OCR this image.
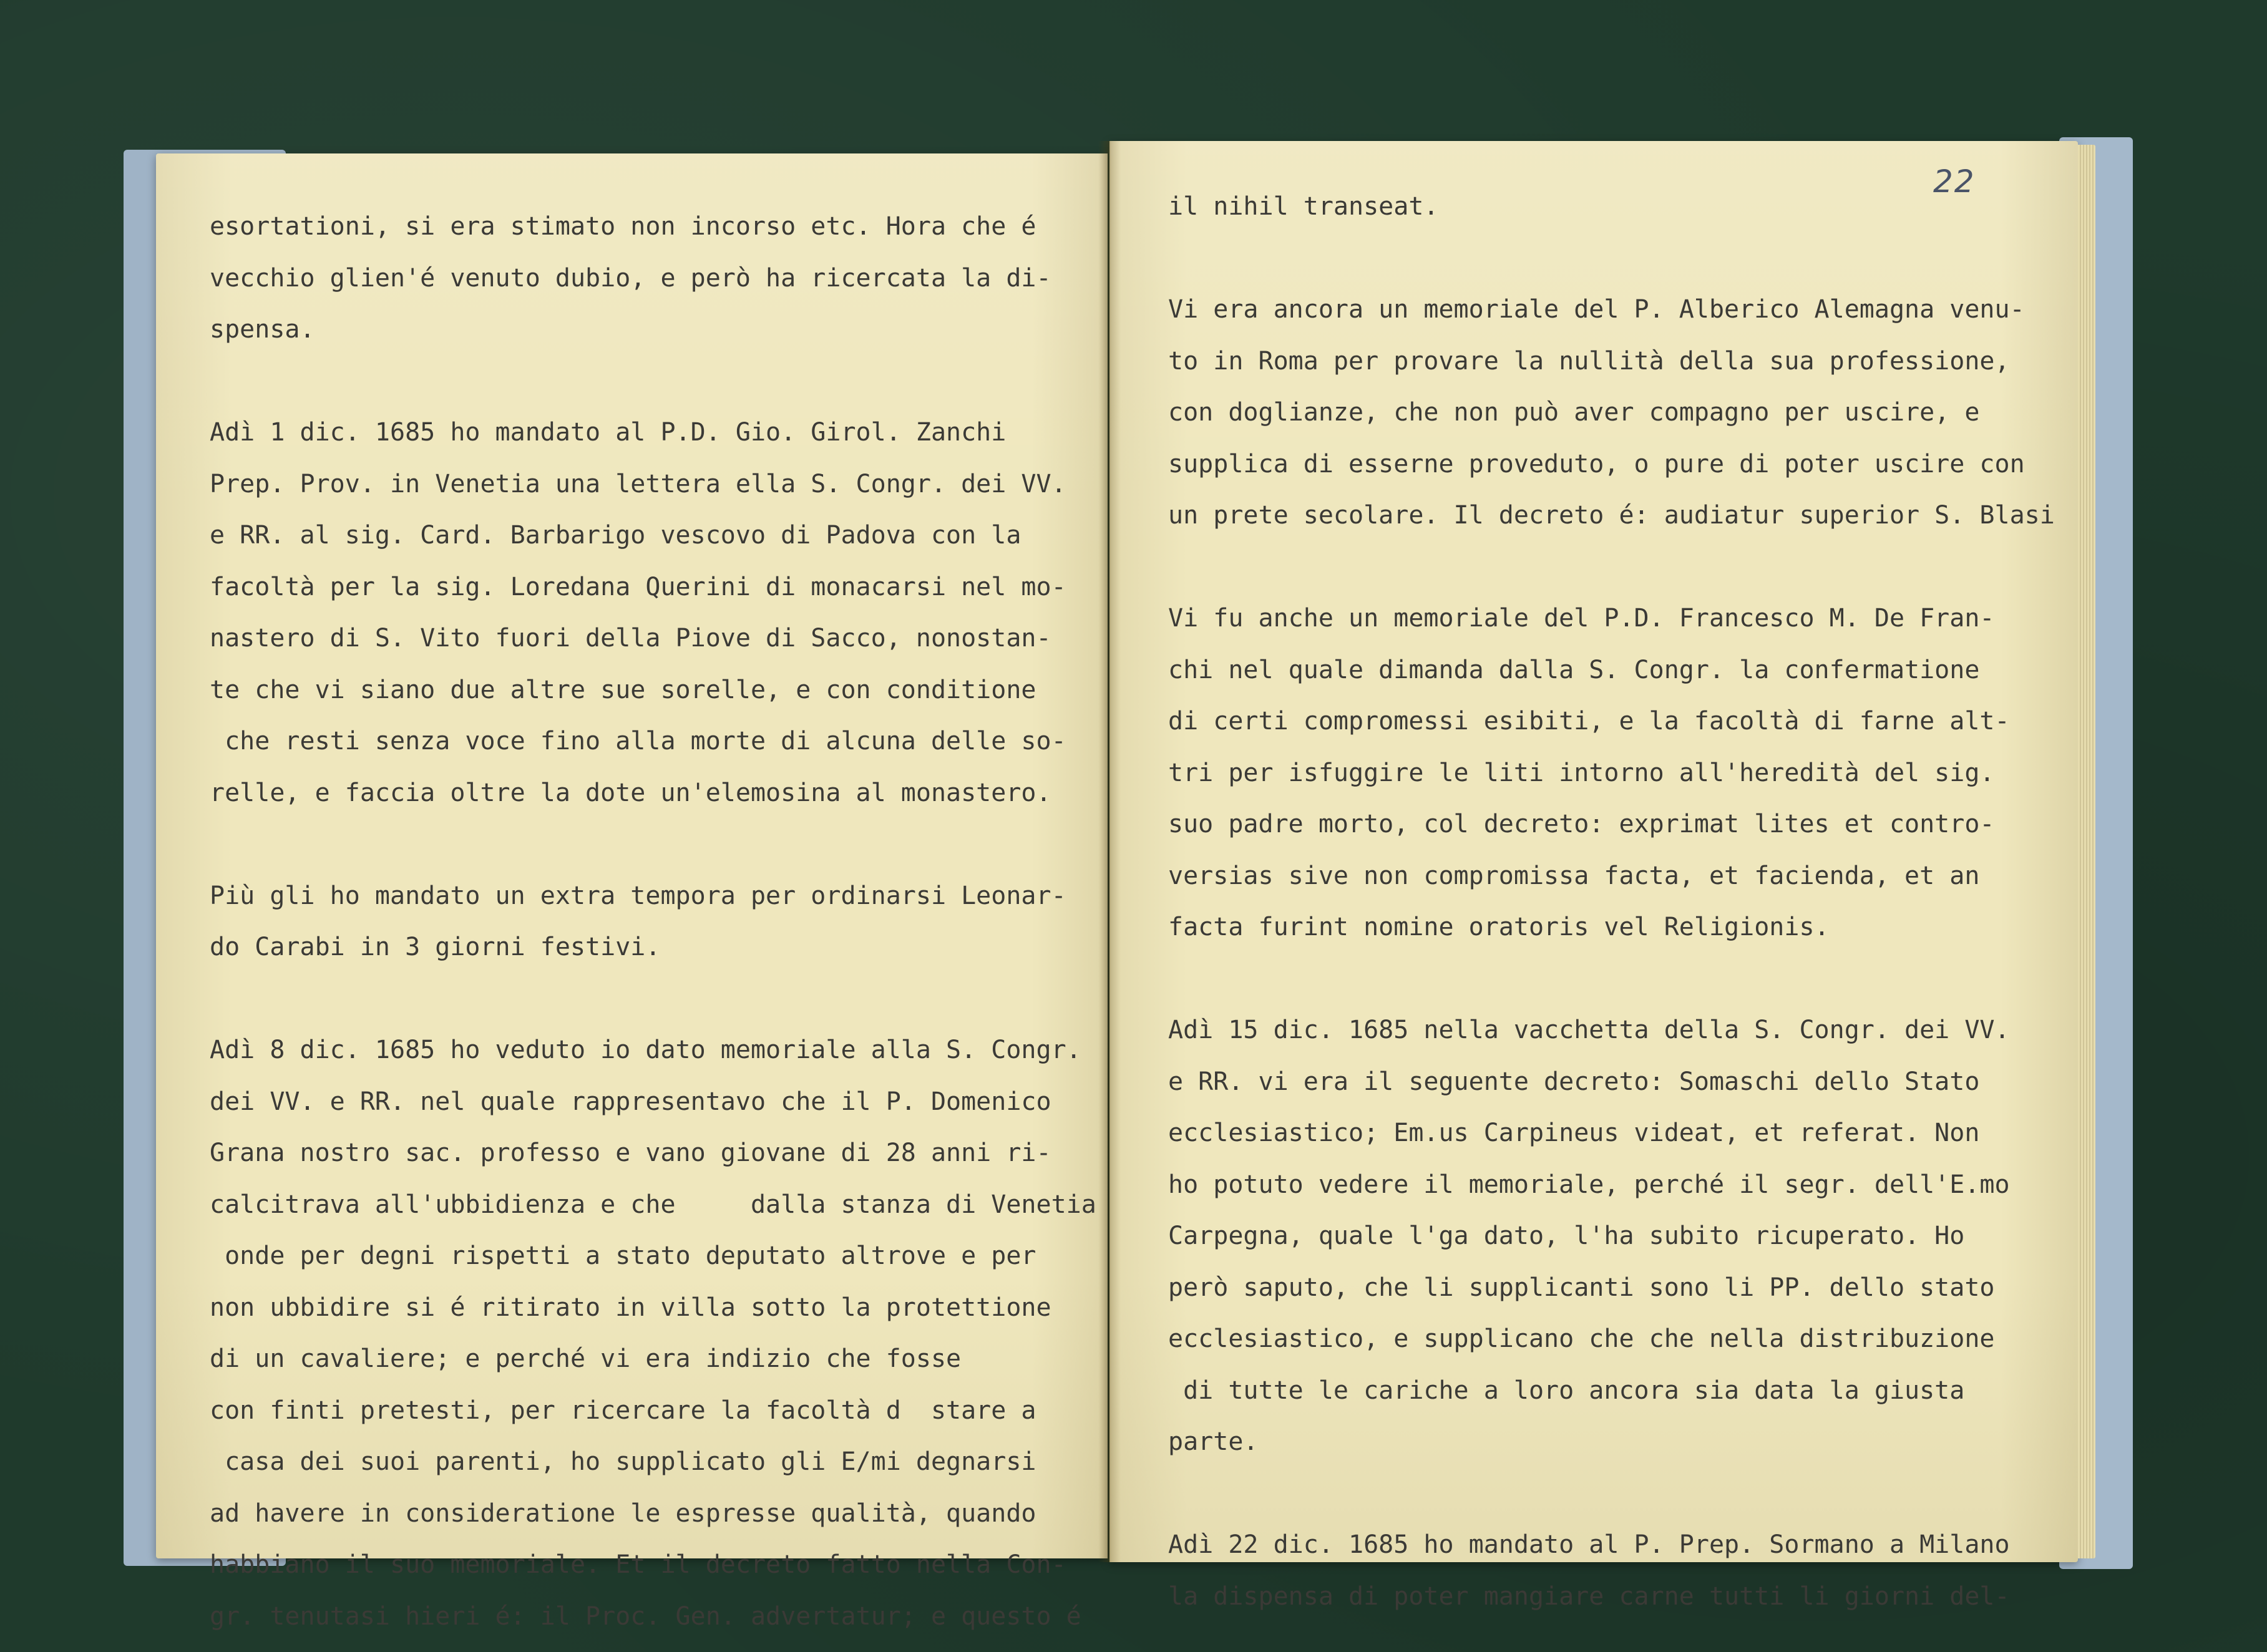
esortationi, si era stimato non incorso etc. Hora che é
vecchio glien'é venuto dubio, e però ha ricercata la di-
spensa.

Adì 1 dic. 1685 ho mandato al P.D. Gio. Girol. Zanchi
Prep. Prov. in Venetia una lettera ella S. Congr. dei VV.
e RR. al sig. Card. Barbarigo vescovo di Padova con la
facoltà per la sig. Loredana Querini di monacarsi nel mo-
nastero di S. Vito fuori della Piove di Sacco, nonostan-
te che vi siano due altre sue sorelle, e con conditione
che resti senza voce fino alla morte di alcuna delle so-
relle, e faccia oltre la dote un'elemosina al monastero.

Più gli ho mandato un extra tempora per ordinarsi Leonar-
do Carabi in 3 giorni festivi.

Adì 8 dic. 1685 ho veduto io dato memoriale alla S. Congr.
dei VV. e RR. nel quale rappresentavo che il P. Domenico
Grana nostro sac. professo e vano giovane di 28 anni ri-
calcitrava all'ubbidienza e che     dalla stanza di Venetia
onde per degni rispetti a stato deputato altrove e per
non ubbidire si é ritirato in villa sotto la protettione
di un cavaliere; e perché vi era indizio che fosse
con finti pretesti, per ricercare la facoltà d  stare a
casa dei suoi parenti, ho supplicato gli E/mi degnarsi
ad havere in consideratione le espresse qualità, quando
habbiano il suo memoriale. Et il decreto fatto nella Con-
gr. tenutasi hieri é: il Proc. Gen. advertatur; e questo é
22
il nihil transeat.

Vi era ancora un memoriale del P. Alberico Alemagna venu-
to in Roma per provare la nullità della sua professione,
con doglianze, che non può aver compagno per uscire, e
supplica di esserne proveduto, o pure di poter uscire con
un prete secolare. Il decreto é: audiatur superior S. Blasi

Vi fu anche un memoriale del P.D. Francesco M. De Fran-
chi nel quale dimanda dalla S. Congr. la confermatione
di certi compromessi esibiti, e la facoltà di farne alt-
tri per isfuggire le liti intorno all'heredità del sig.
suo padre morto, col decreto: exprimat lites et contro-
versias sive non compromissa facta, et facienda, et an
facta furint nomine oratoris vel Religionis.

Adì 15 dic. 1685 nella vacchetta della S. Congr. dei VV.
e RR. vi era il seguente decreto: Somaschi dello Stato
ecclesiastico; Em.us Carpineus videat, et referat. Non
ho potuto vedere il memoriale, perché il segr. dell'E.mo
Carpegna, quale l'ga dato, l'ha subito ricuperato. Ho
però saputo, che li supplicanti sono li PP. dello stato
ecclesiastico, e supplicano che che nella distribuzione
di tutte le cariche a loro ancora sia data la giusta
parte.

Adì 22 dic. 1685 ho mandato al P. Prep. Sormano a Milano
la dispensa di poter mangiare carne tutti li giorni del-
